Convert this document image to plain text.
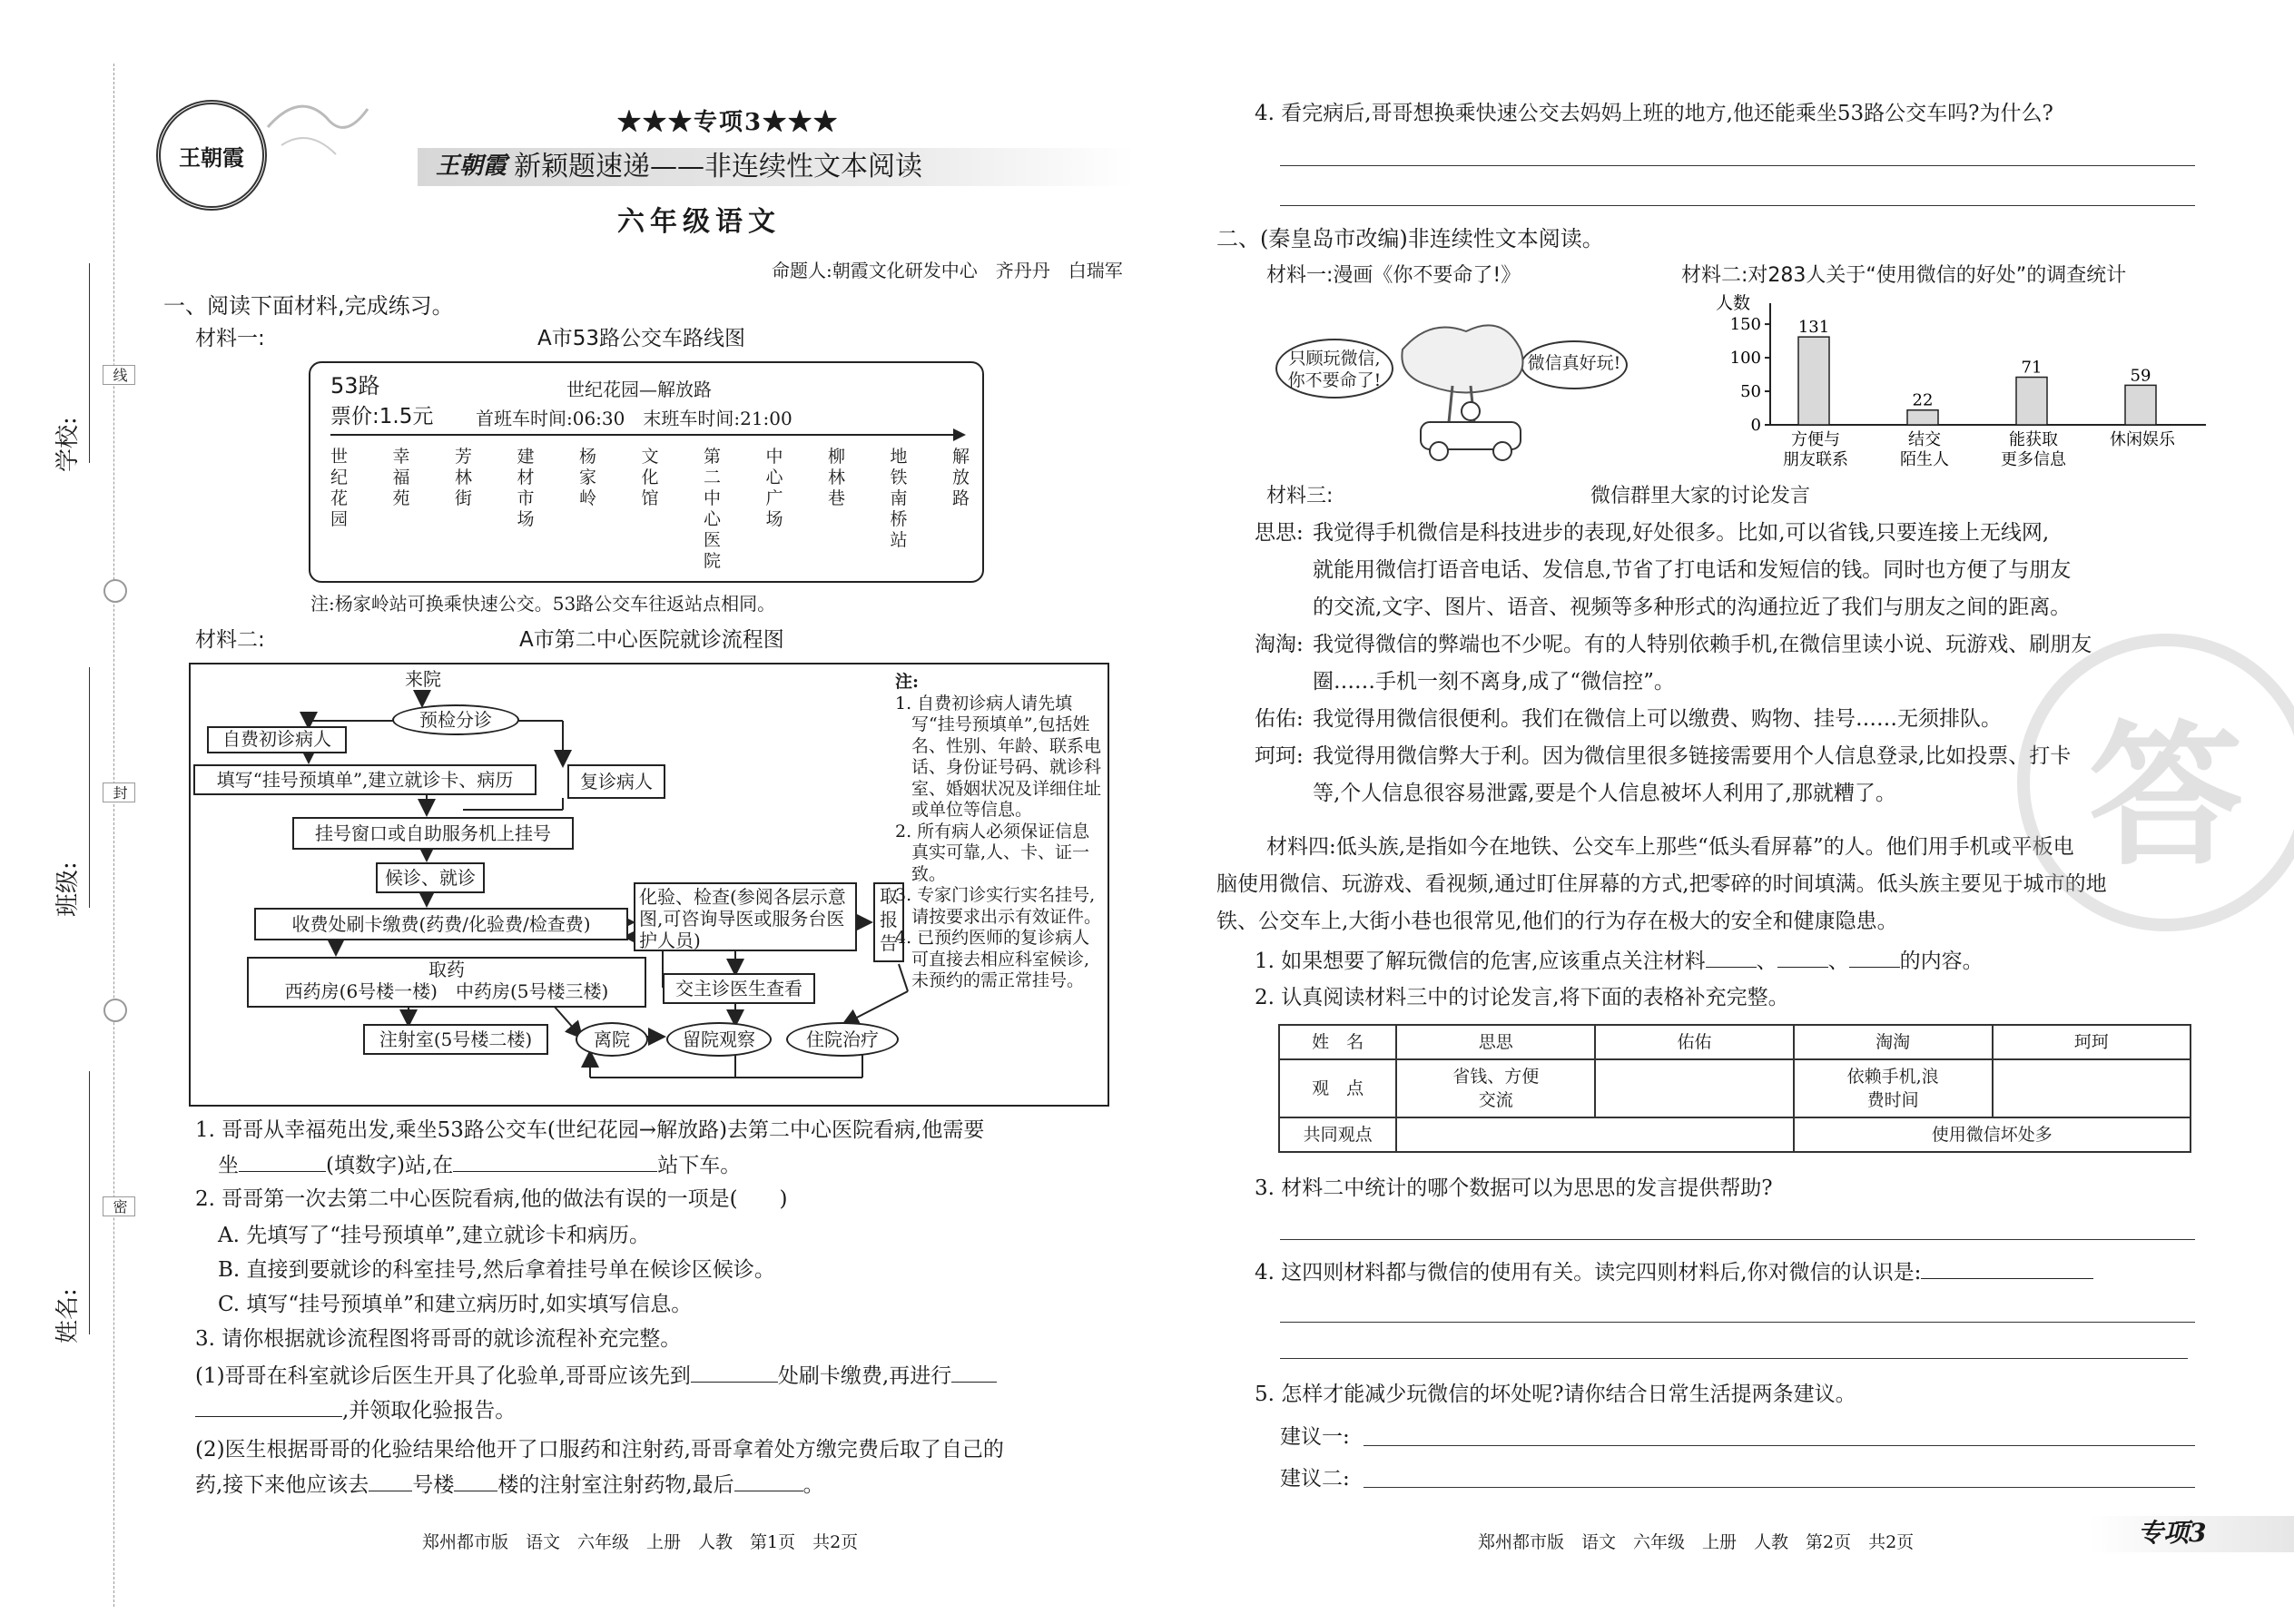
线
封
密
学校:
班级:
姓名:
王朝霞
★★★专项3★★★
王朝霞 新颖题速递——非连续性文本阅读
六年级语文
命题人:朝霞文化研发中心　齐丹丹　白瑞军
一、阅读下面材料,完成练习。
材料一:	A市53路公交车路线图
53路	世纪花园—解放路
票价:1.5元 首班车时间:06:30　末班车时间:21:00
世纪花园
幸福苑
芳林街
建材市场
杨家岭
文化馆
第二中心医院
中心广场
柳林巷
地铁南桥站
解放路
注:杨家岭站可换乘快速公交。53路公交车往返站点相同。
材料二:	A市第二中心医院就诊流程图
来院
预检分诊
自费初诊病人
填写“挂号预填单”,建立就诊卡、病历	复诊病人
挂号窗口或自助服务机上挂号
候诊、就诊
收费处刷卡缴费(药费/化验费/检查费)
化验、检查(参阅各层示意图,可咨询导医或服务台医护人员)
取报告
取药
西药房(6号楼一楼)　中药房(5号楼三楼)	交主诊医生查看
注射室(5号楼二楼)	离院	留院观察	住院治疗
注:
1. 自费初诊病人请先填写“挂号预填单”,包括姓名、性别、年龄、联系电话、身份证号码、就诊科室、婚姻状况及详细住址或单位等信息。
2. 所有病人必须保证信息真实可靠,人、卡、证一致。
3. 专家门诊实行实名挂号,请按要求出示有效证件。
4. 已预约医师的复诊病人可直接去相应科室候诊,未预约的需正常挂号。
1. 哥哥从幸福苑出发,乘坐53路公交车(世纪花园→解放路)去第二中心医院看病,他需要
坐	(填数字)站,在	站下车。
2. 哥哥第一次去第二中心医院看病,他的做法有误的一项是(　　)
A. 先填写了“挂号预填单”,建立就诊卡和病历。
B. 直接到要就诊的科室挂号,然后拿着挂号单在候诊区候诊。
C. 填写“挂号预填单”和建立病历时,如实填写信息。
3. 请你根据就诊流程图将哥哥的就诊流程补充完整。
(1)哥哥在科室就诊后医生开具了化验单,哥哥应该先到	处刷卡缴费,再进行
,并领取化验报告。
(2)医生根据哥哥的化验结果给他开了口服药和注射药,哥哥拿着处方缴完费后取了自己的
药,接下来他应该去 号楼 楼的注射室注射药物,最后	。
郑州都市版　语文　六年级　上册　人教　第1页　共2页
4. 看完病后,哥哥想换乘快速公交去妈妈上班的地方,他还能乘坐53路公交车吗?为什么?
二、(秦皇岛市改编)非连续性文本阅读。
材料一:漫画《你不要命了!》	材料二:对283人关于“使用微信的好处”的调查统计
只顾玩微信,你不要命了!
微信真好玩!
人数
0
50
100
150 131
方便与
朋友联系
22
结交
陌生人
71
能获取
更多信息
59
休闲娱乐
材料三:	微信群里大家的讨论发言
思思: 我觉得手机微信是科技进步的表现,好处很多。比如,可以省钱,只要连接上无线网,
就能用微信打语音电话、发信息,节省了打电话和发短信的钱。同时也方便了与朋友
的交流,文字、图片、语音、视频等多种形式的沟通拉近了我们与朋友之间的距离。
淘淘: 我觉得微信的弊端也不少呢。有的人特别依赖手机,在微信里读小说、玩游戏、刷朋友
圈……手机一刻不离身,成了“微信控”。
佑佑: 我觉得用微信很便利。我们在微信上可以缴费、购物、挂号……无须排队。
珂珂: 我觉得用微信弊大于利。因为微信里很多链接需要用个人信息登录,比如投票、打卡
等,个人信息很容易泄露,要是个人信息被坏人利用了,那就糟了。
材料四:低头族,是指如今在地铁、公交车上那些“低头看屏幕”的人。他们用手机或平板电
脑使用微信、玩游戏、看视频,通过盯住屏幕的方式,把零碎的时间填满。低头族主要见于城市的地
铁、公交车上,大街小巷也很常见,他们的行为存在极大的安全和健康隐患。
1. 如果想要了解玩微信的危害,应该重点关注材料 、 、 的内容。
2. 认真阅读材料三中的讨论发言,将下面的表格补充完整。
姓　名	思思	佑佑	淘淘	珂珂
观　点	省钱、方便交流		依赖手机,浪费时间	

共同观点			使用微信坏处多	
3. 材料二中统计的哪个数据可以为思思的发言提供帮助?
4. 这四则材料都与微信的使用有关。读完四则材料后,你对微信的认识是:
5. 怎样才能减少玩微信的坏处呢?请你结合日常生活提两条建议。
建议一:
建议二:
郑州都市版　语文　六年级　上册　人教　第2页　共2页	专项3
答
